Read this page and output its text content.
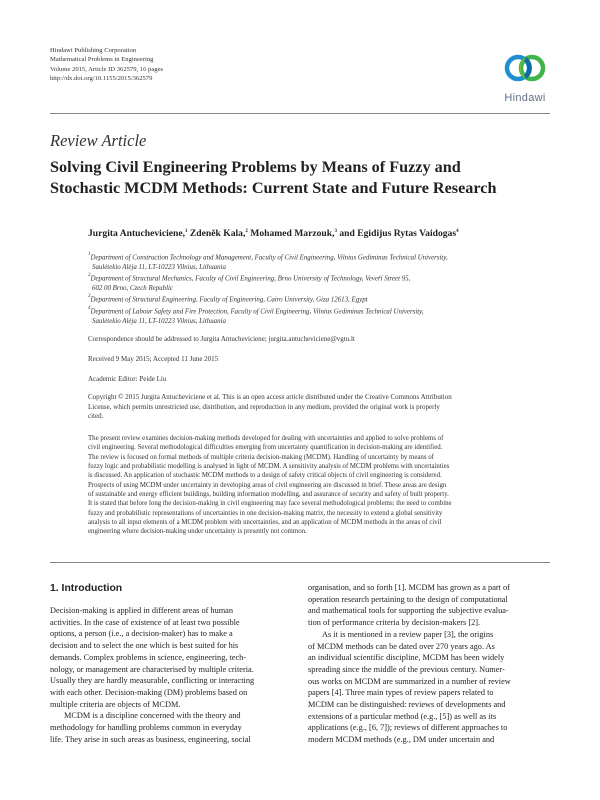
Hindawi Publishing Corporation
Mathematical Problems in Engineering
Volume 2015, Article ID 362579, 16 pages
http://dx.doi.org/10.1155/2015/362579
Hindawi
Review Article
Solving Civil Engineering Problems by Means of Fuzzy and
Stochastic MCDM Methods: Current State and Future Research
Jurgita Antucheviciene,$^1$ Zdeněk Kala,$^2$ Mohamed Marzouk,$^3$ and Egidijus Rytas Vaidogas$^4$
$^1$Department of Construction Technology and Management, Faculty of Civil Engineering, Vilnius Gediminas Technical University,
Saulėtekio Alėja 11, LT-10223 Vilnius, Lithuania
$^2$Department of Structural Mechanics, Faculty of Civil Engineering, Brno University of Technology, Veveří Street 95,
602 00 Brno, Czech Republic
$^3$Department of Structural Engineering, Faculty of Engineering, Cairo University, Giza 12613, Egypt
$^4$Department of Labour Safety and Fire Protection, Faculty of Civil Engineering, Vilnius Gediminas Technical University,
Saulėtekio Alėja 11, LT-10223 Vilnius, Lithuania
Correspondence should be addressed to Jurgita Antucheviciene; jurgita.antucheviciene@vgtu.lt
Received 9 May 2015; Accepted 11 June 2015
Academic Editor: Peide Liu
Copyright © 2015 Jurgita Antucheviciene et al. This is an open access article distributed under the Creative Commons Attribution
License, which permits unrestricted use, distribution, and reproduction in any medium, provided the original work is properly
cited.
The present review examines decision-making methods developed for dealing with uncertainties and applied to solve problems of
civil engineering. Several methodological difficulties emerging from uncertainty quantification in decision-making are identified.
The review is focused on formal methods of multiple criteria decision-making (MCDM). Handling of uncertainty by means of
fuzzy logic and probabilistic modelling is analysed in light of MCDM. A sensitivity analysis of MCDM problems with uncertainties
is discussed. An application of stochastic MCDM methods to a design of safety critical objects of civil engineering is considered.
Prospects of using MCDM under uncertainty in developing areas of civil engineering are discussed in brief. These areas are design
of sustainable and energy efficient buildings, building information modelling, and assurance of security and safety of built property.
It is stated that before long the decision-making in civil engineering may face several methodological problems: the need to combine
fuzzy and probabilistic representations of uncertainties in one decision-making matrix, the necessity to extend a global sensitivity
analysis to all input elements of a MCDM problem with uncertainties, and an application of MCDM methods in the areas of civil
engineering where decision-making under uncertainty is presently not common.
1. Introduction
Decision-making is applied in different areas of human
activities. In the case of existence of at least two possible
options, a person (i.e., a decision-maker) has to make a
decision and to select the one which is best suited for his
demands. Complex problems in science, engineering, tech-
nology, or management are characterised by multiple criteria.
Usually they are hardly measurable, conflicting or interacting
with each other. Decision-making (DM) problems based on
multiple criteria are objects of MCDM.
MCDM is a discipline concerned with the theory and
methodology for handling problems common in everyday
life. They arise in such areas as business, engineering, social
organisation, and so forth [1]. MCDM has grown as a part of
operation research pertaining to the design of computational
and mathematical tools for supporting the subjective evalua-
tion of performance criteria by decision-makers [2].
As it is mentioned in a review paper [3], the origins
of MCDM methods can be dated over 270 years ago. As
an individual scientific discipline, MCDM has been widely
spreading since the middle of the previous century. Numer-
ous works on MCDM are summarized in a number of review
papers [4]. Three main types of review papers related to
MCDM can be distinguished: reviews of developments and
extensions of a particular method (e.g., [5]) as well as its
applications (e.g., [6, 7]); reviews of different approaches to
modern MCDM methods (e.g., DM under uncertain and
